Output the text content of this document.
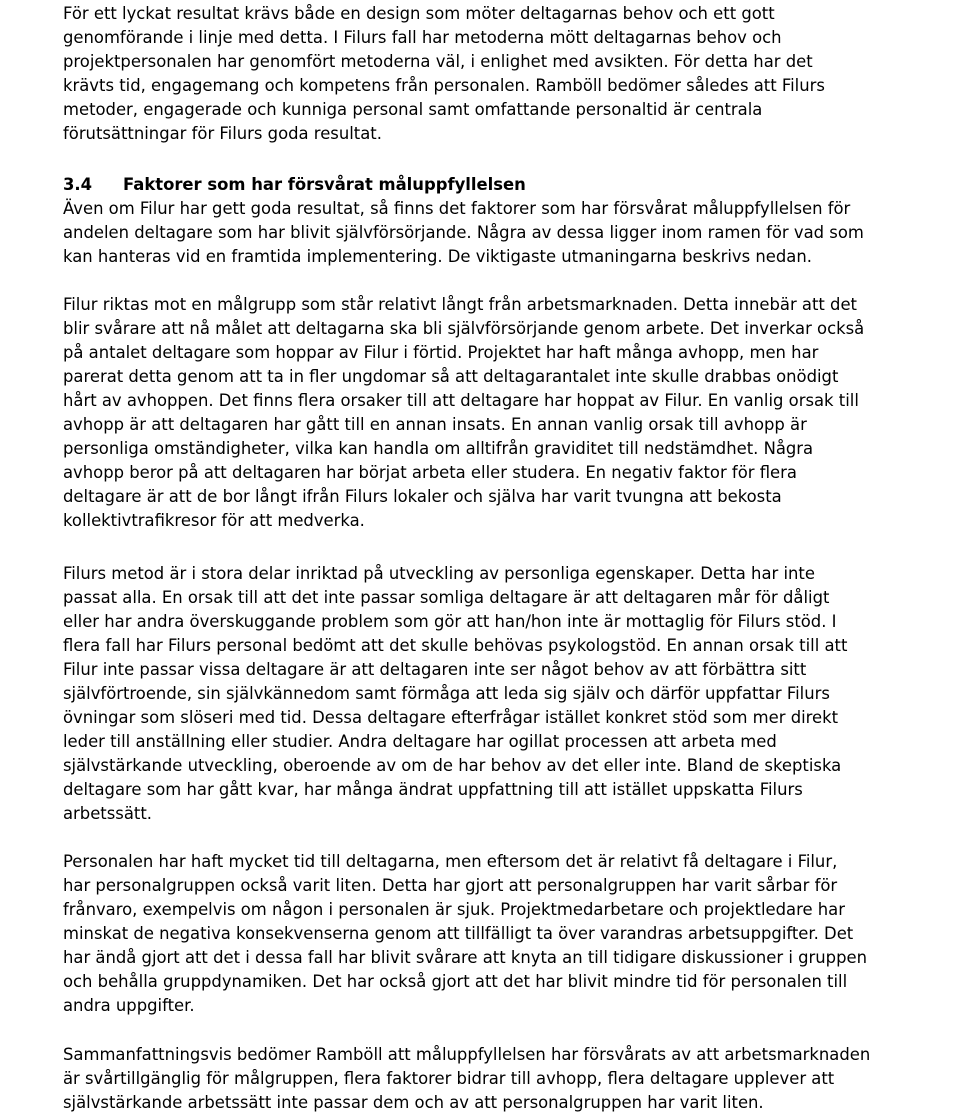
För ett lyckat resultat krävs både en design som möter deltagarnas behov och ett gott
genomförande i linje med detta. I Filurs fall har metoderna mött deltagarnas behov och
projektpersonalen har genomfört metoderna väl, i enlighet med avsikten. För detta har det
krävts tid, engagemang och kompetens från personalen. Ramböll bedömer således att Filurs
metoder, engagerade och kunniga personal samt omfattande personaltid är centrala
förutsättningar för Filurs goda resultat.
3.4 Faktorer som har försvårat måluppfyllelsen
Även om Filur har gett goda resultat, så finns det faktorer som har försvårat måluppfyllelsen för
andelen deltagare som har blivit självförsörjande. Några av dessa ligger inom ramen för vad som
kan hanteras vid en framtida implementering. De viktigaste utmaningarna beskrivs nedan.
Filur riktas mot en målgrupp som står relativt långt från arbetsmarknaden. Detta innebär att det
blir svårare att nå målet att deltagarna ska bli självförsörjande genom arbete. Det inverkar också
på antalet deltagare som hoppar av Filur i förtid. Projektet har haft många avhopp, men har
parerat detta genom att ta in fler ungdomar så att deltagarantalet inte skulle drabbas onödigt
hårt av avhoppen. Det finns flera orsaker till att deltagare har hoppat av Filur. En vanlig orsak till
avhopp är att deltagaren har gått till en annan insats. En annan vanlig orsak till avhopp är
personliga omständigheter, vilka kan handla om alltifrån graviditet till nedstämdhet. Några
avhopp beror på att deltagaren har börjat arbeta eller studera. En negativ faktor för flera
deltagare är att de bor långt ifrån Filurs lokaler och själva har varit tvungna att bekosta
kollektivtrafikresor för att medverka.
Filurs metod är i stora delar inriktad på utveckling av personliga egenskaper. Detta har inte
passat alla. En orsak till att det inte passar somliga deltagare är att deltagaren mår för dåligt
eller har andra överskuggande problem som gör att han/hon inte är mottaglig för Filurs stöd. I
flera fall har Filurs personal bedömt att det skulle behövas psykologstöd. En annan orsak till att
Filur inte passar vissa deltagare är att deltagaren inte ser något behov av att förbättra sitt
självförtroende, sin självkännedom samt förmåga att leda sig själv och därför uppfattar Filurs
övningar som slöseri med tid. Dessa deltagare efterfrågar istället konkret stöd som mer direkt
leder till anställning eller studier. Andra deltagare har ogillat processen att arbeta med
självstärkande utveckling, oberoende av om de har behov av det eller inte. Bland de skeptiska
deltagare som har gått kvar, har många ändrat uppfattning till att istället uppskatta Filurs
arbetssätt.
Personalen har haft mycket tid till deltagarna, men eftersom det är relativt få deltagare i Filur,
har personalgruppen också varit liten. Detta har gjort att personalgruppen har varit sårbar för
frånvaro, exempelvis om någon i personalen är sjuk. Projektmedarbetare och projektledare har
minskat de negativa konsekvenserna genom att tillfälligt ta över varandras arbetsuppgifter. Det
har ändå gjort att det i dessa fall har blivit svårare att knyta an till tidigare diskussioner i gruppen
och behålla gruppdynamiken. Det har också gjort att det har blivit mindre tid för personalen till
andra uppgifter.
Sammanfattningsvis bedömer Ramböll att måluppfyllelsen har försvårats av att arbetsmarknaden
är svårtillgänglig för målgruppen, flera faktorer bidrar till avhopp, flera deltagare upplever att
självstärkande arbetssätt inte passar dem och av att personalgruppen har varit liten.
